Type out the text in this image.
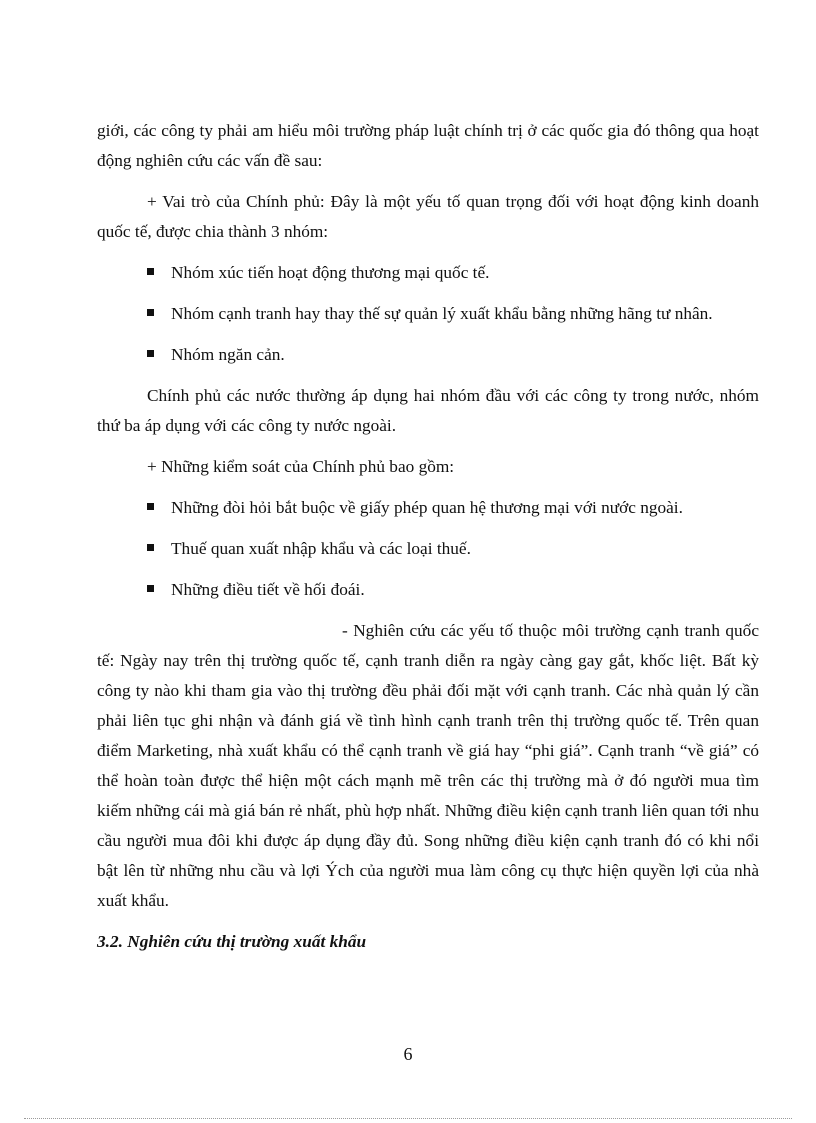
giới, các công ty phải am hiểu môi trường pháp luật chính trị ở các quốc gia đó thông qua hoạt động nghiên cứu các vấn đề sau:

+ Vai trò của Chính phủ: Đây là một yếu tố quan trọng đối với hoạt động kinh doanh quốc tế, được chia thành 3 nhóm:

Nhóm xúc tiến hoạt động thương mại quốc tế.
Nhóm cạnh tranh hay thay thế sự quản lý xuất khẩu bằng những hãng tư nhân.
Nhóm ngăn cản.

Chính phủ các nước thường áp dụng hai nhóm đầu với các công ty trong nước, nhóm thứ ba áp dụng với các công ty nước ngoài.

+ Những kiểm soát của Chính phủ bao gồm:

Những đòi hỏi bắt buộc về giấy phép quan hệ thương mại với nước ngoài.
Thuế quan xuất nhập khẩu và các loại thuế.
Những điều tiết về hối đoái.

- Nghiên cứu các yếu tố thuộc môi trường cạnh tranh quốc tế: Ngày nay trên thị trường quốc tế, cạnh tranh diễn ra ngày càng gay gắt, khốc liệt. Bất kỳ công ty nào khi tham gia vào thị trường đều phải đối mặt với cạnh tranh. Các nhà quản lý cần phải liên tục ghi nhận và đánh giá về tình hình cạnh tranh trên thị trường quốc tế. Trên quan điểm Marketing, nhà xuất khẩu có thể cạnh tranh về giá hay “phi giá”. Cạnh tranh “về giá” có thể hoàn toàn được thể hiện một cách mạnh mẽ trên các thị trường mà ở đó người mua tìm kiếm những cái mà giá bán rẻ nhất, phù hợp nhất. Những điều kiện cạnh tranh liên quan tới nhu cầu người mua đôi khi được áp dụng đầy đủ. Song những điều kiện cạnh tranh đó có khi nổi bật lên từ những nhu cầu và lợi Ých của người mua làm công cụ thực hiện quyền lợi của nhà xuất khẩu.

3.2. Nghiên cứu thị trường xuất khẩu

6
